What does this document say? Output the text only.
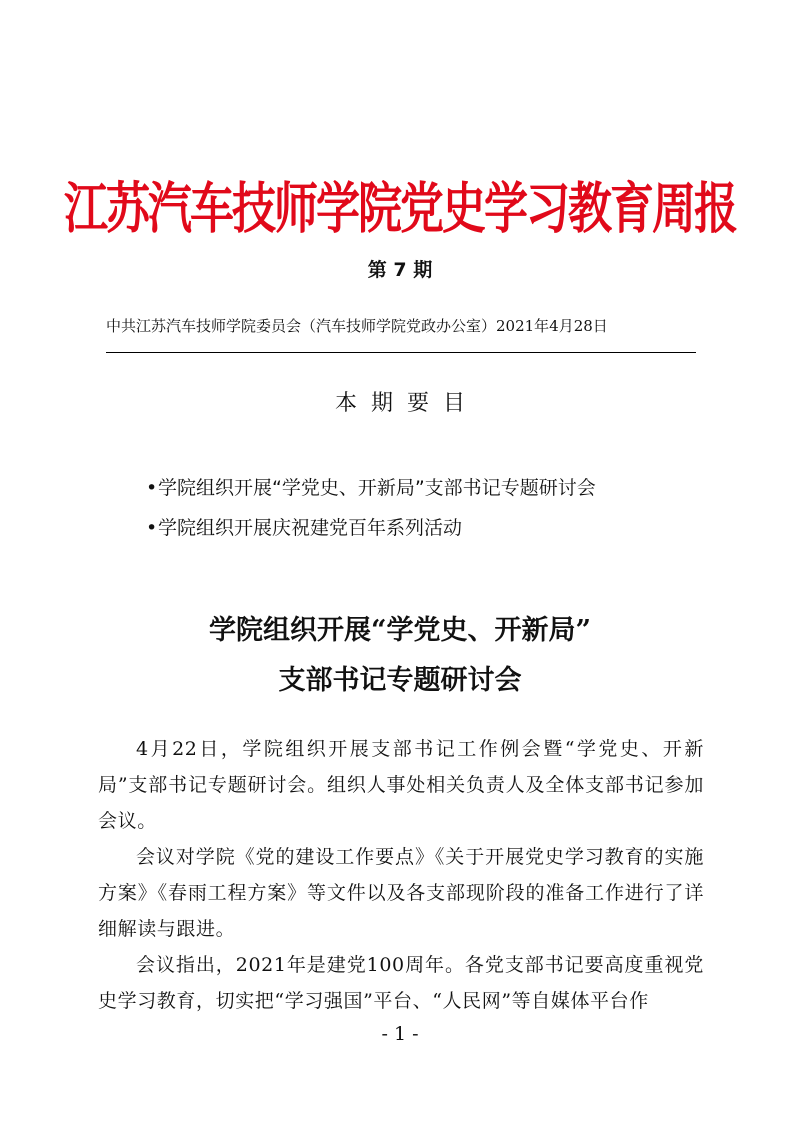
江苏汽车技师学院党史学习教育周报
第 7 期
中共江苏汽车技师学院委员会（汽车技师学院党政办公室）2021年4月28日
本期要目
•学院组织开展“学党史、开新局”支部书记专题研讨会
•学院组织开展庆祝建党百年系列活动
学院组织开展“学党史、开新局”
支部书记专题研讨会

4月22日，学院组织开展支部书记工作例会暨“学党史、开新局”支部书记专题研讨会。组织人事处相关负责人及全体支部书记参加会议。

会议对学院《党的建设工作要点》《关于开展党史学习教育的实施方案》《春雨工程方案》等文件以及各支部现阶段的准备工作进行了详细解读与跟进。

会议指出，2021年是建党100周年。各党支部书记要高度重视党史学习教育，切实把“学习强国”平台、“人民网”等自媒体平台作

- 1 -
